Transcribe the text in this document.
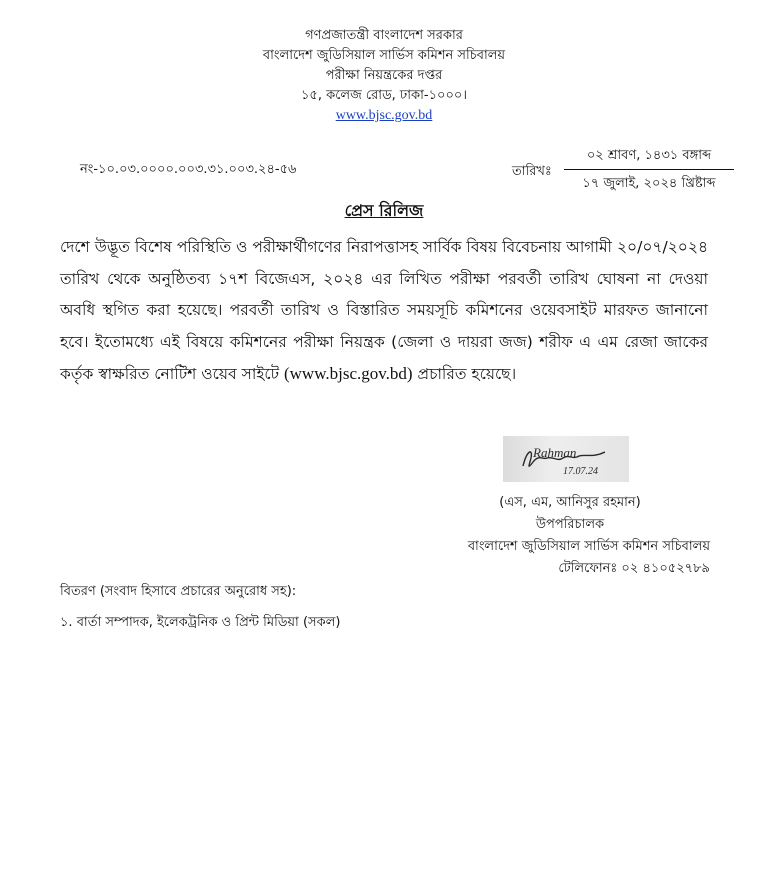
গণপ্রজাতন্ত্রী বাংলাদেশ সরকার
বাংলাদেশ জুডিসিয়াল সার্ভিস কমিশন সচিবালয়
পরীক্ষা নিয়ন্ত্রকের দপ্তর
১৫, কলেজ রোড, ঢাকা-১০০০।
www.bjsc.gov.bd
নং-১০.০৩.০০০০.০০৩.৩১.০০৩.২৪-৫৬	তারিখঃ
০২ শ্রাবণ, ১৪৩১ বঙ্গাব্দ
১৭ জুলাই, ২০২৪ খ্রিষ্টাব্দ
প্রেস রিলিজ
দেশে উদ্ভূত বিশেষ পরিস্থিতি ও পরীক্ষার্থীগণের নিরাপত্তাসহ সার্বিক বিষয় বিবেচনায় আগামী ২০/০৭/২০২৪ তারিখ থেকে অনুষ্ঠিতব্য ১৭শ বিজেএস, ২০২৪ এর লিখিত পরীক্ষা পরবর্তী তারিখ ঘোষনা না দেওয়া অবধি স্থগিত করা হয়েছে। পরবর্তী তারিখ ও বিস্তারিত সময়সূচি কমিশনের ওয়েবসাইট মারফত জানানো হবে। ইতোমধ্যে এই বিষয়ে কমিশনের পরীক্ষা নিয়ন্ত্রক (জেলা ও দায়রা জজ) শরীফ এ এম রেজা জাকের কর্তৃক স্বাক্ষরিত নোটিশ ওয়েব সাইটে (www.bjsc.gov.bd) প্রচারিত হয়েছে।
Rahman
17.07.24
(এস, এম, আনিসুর রহমান)
উপপরিচালক
বাংলাদেশ জুডিসিয়াল সার্ভিস কমিশন সচিবালয়
টেলিফোনঃ ০২ ৪১০৫২৭৮৯
বিতরণ (সংবাদ হিসাবে প্রচারের অনুরোধ সহ):
১. বার্তা সম্পাদক, ইলেকট্রনিক ও প্রিন্ট মিডিয়া (সকল)
